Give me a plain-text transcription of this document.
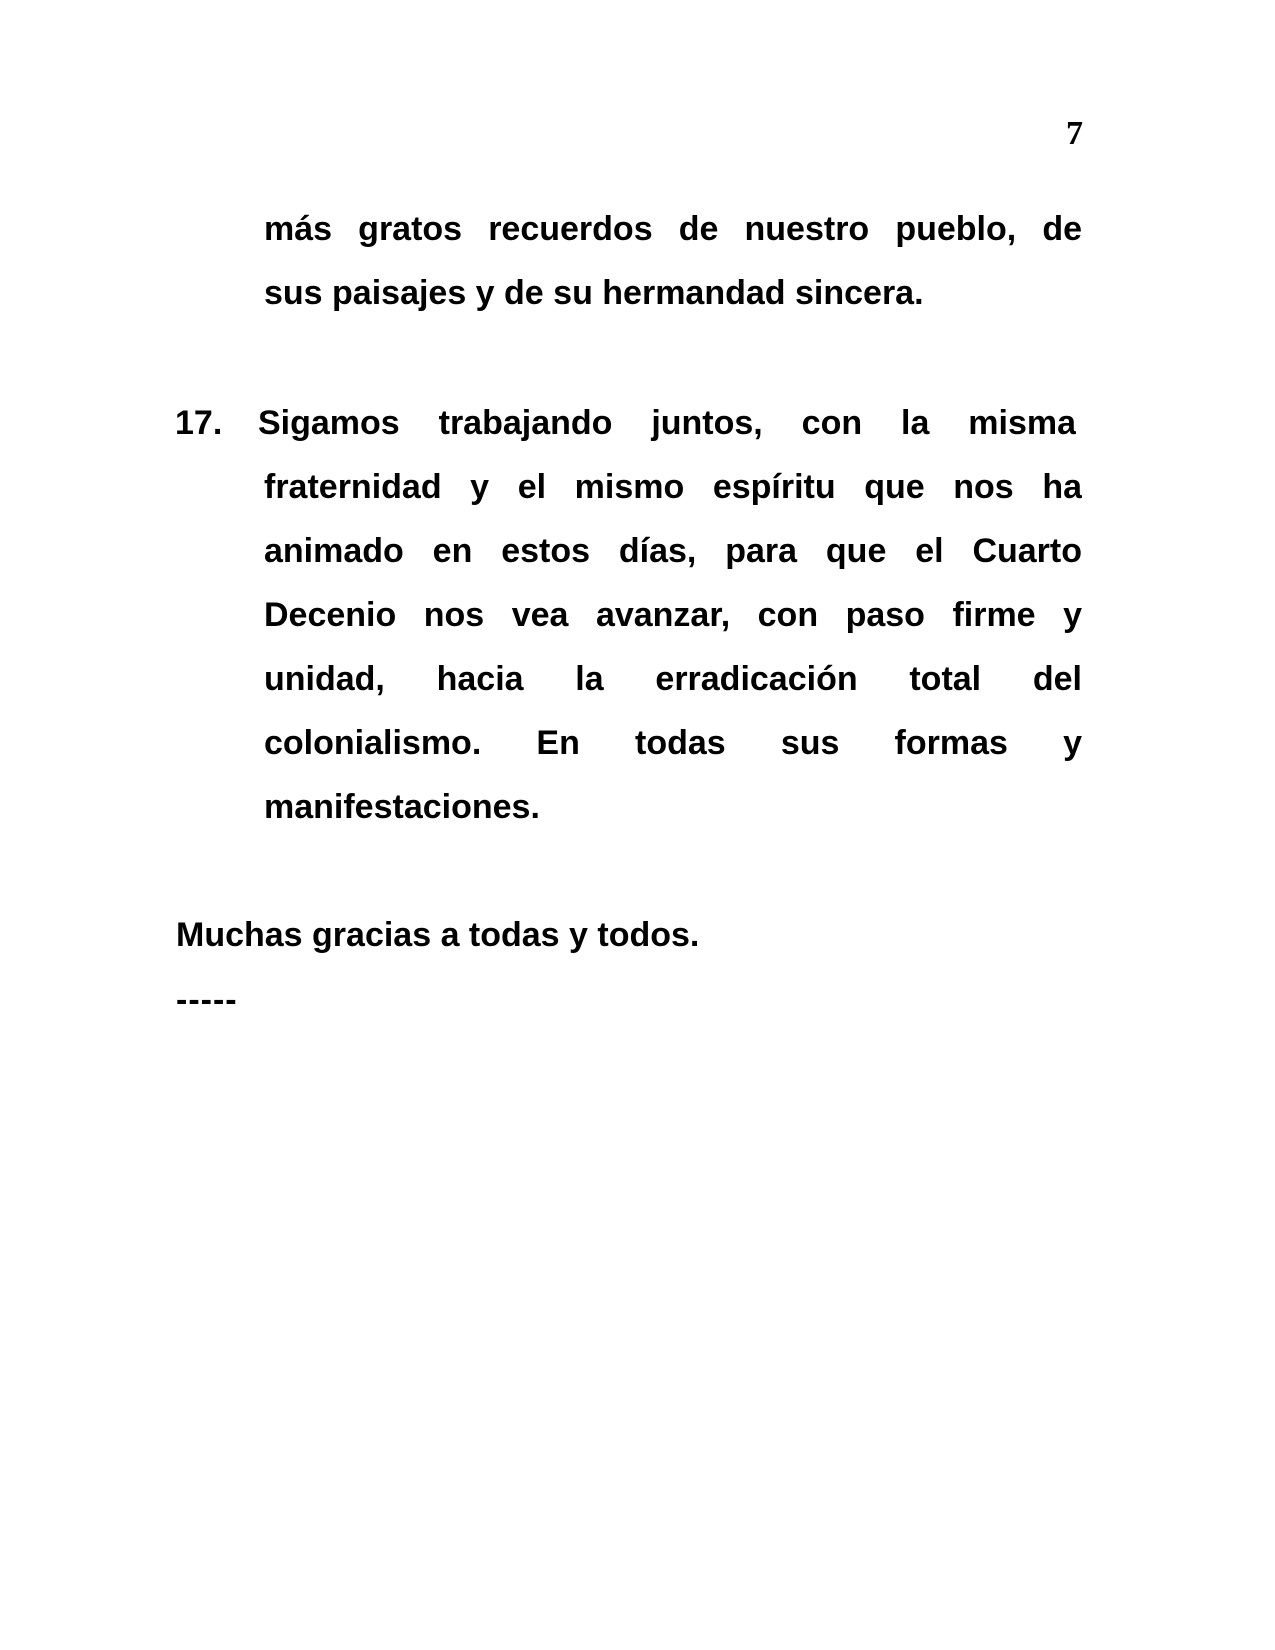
7
más gratos recuerdos de nuestro pueblo, de
sus paisajes y de su hermandad sincera.
17. Sigamos trabajando juntos, con la misma
fraternidad y el mismo espíritu que nos ha
animado en estos días, para que el Cuarto
Decenio nos vea avanzar, con paso firme y
unidad, hacia la erradicación total del
colonialismo. En todas sus formas y
manifestaciones.
Muchas gracias a todas y todos.
-----
